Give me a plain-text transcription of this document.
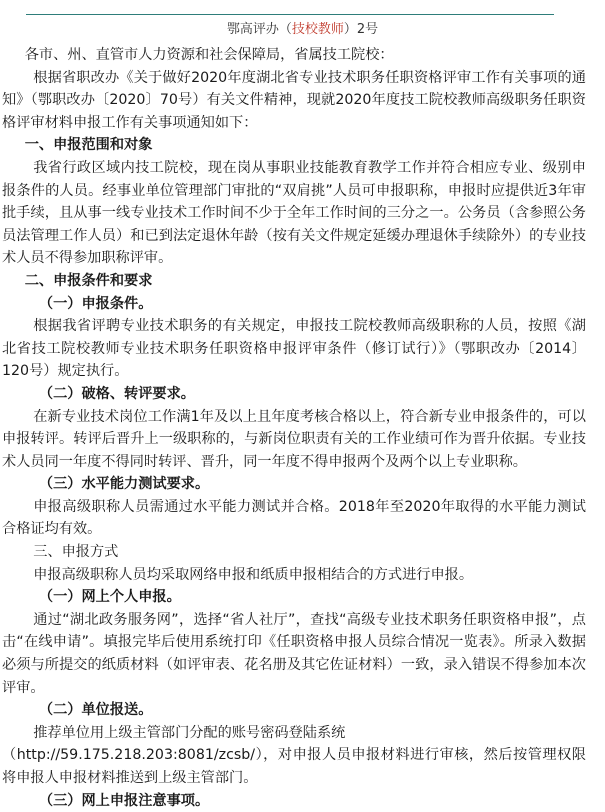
鄂高评办（技校教师）2号

各市、州、直管市人力资源和社会保障局，省属技工院校：

根据省职改办《关于做好2020年度湖北省专业技术职务任职资格评审工作有关事项的通知》（鄂职改办〔2020〕70号）有关文件精神，现就2020年度技工院校教师高级职务任职资格评审材料申报工作有关事项通知如下：

一、申报范围和对象

我省行政区域内技工院校，现在岗从事职业技能教育教学工作并符合相应专业、级别申报条件的人员。经事业单位管理部门审批的“双肩挑”人员可申报职称，申报时应提供近3年审批手续，且从事一线专业技术工作时间不少于全年工作时间的三分之一。公务员（含参照公务员法管理工作人员）和已到法定退休年龄（按有关文件规定延缓办理退休手续除外）的专业技术人员不得参加职称评审。

二、申报条件和要求

（一）申报条件。

根据我省评聘专业技术职务的有关规定，申报技工院校教师高级职称的人员，按照《湖北省技工院校教师专业技术职务任职资格申报评审条件（修订试行）》（鄂职改办〔2014〕120号）规定执行。

（二）破格、转评要求。

在新专业技术岗位工作满1年及以上且年度考核合格以上，符合新专业申报条件的，可以申报转评。转评后晋升上一级职称的，与新岗位职责有关的工作业绩可作为晋升依据。专业技术人员同一年度不得同时转评、晋升，同一年度不得申报两个及两个以上专业职称。

（三）水平能力测试要求。

申报高级职称人员需通过水平能力测试并合格。2018年至2020年取得的水平能力测试合格证均有效。

三、申报方式

申报高级职称人员均采取网络申报和纸质申报相结合的方式进行申报。

（一）网上个人申报。

通过“湖北政务服务网”，选择“省人社厅”，查找“高级专业技术职务任职资格申报”，点击“在线申请”。填报完毕后使用系统打印《任职资格申报人员综合情况一览表》。所录入数据必须与所提交的纸质材料（如评审表、花名册及其它佐证材料）一致，录入错误不得参加本次评审。

（二）单位报送。

推荐单位用上级主管部门分配的账号密码登陆系统

（http://59.175.218.203:8081/zcsb/），对申报人员申报材料进行审核，然后按管理权限将申报人申报材料推送到上级主管部门。

（三）网上申报注意事项。
